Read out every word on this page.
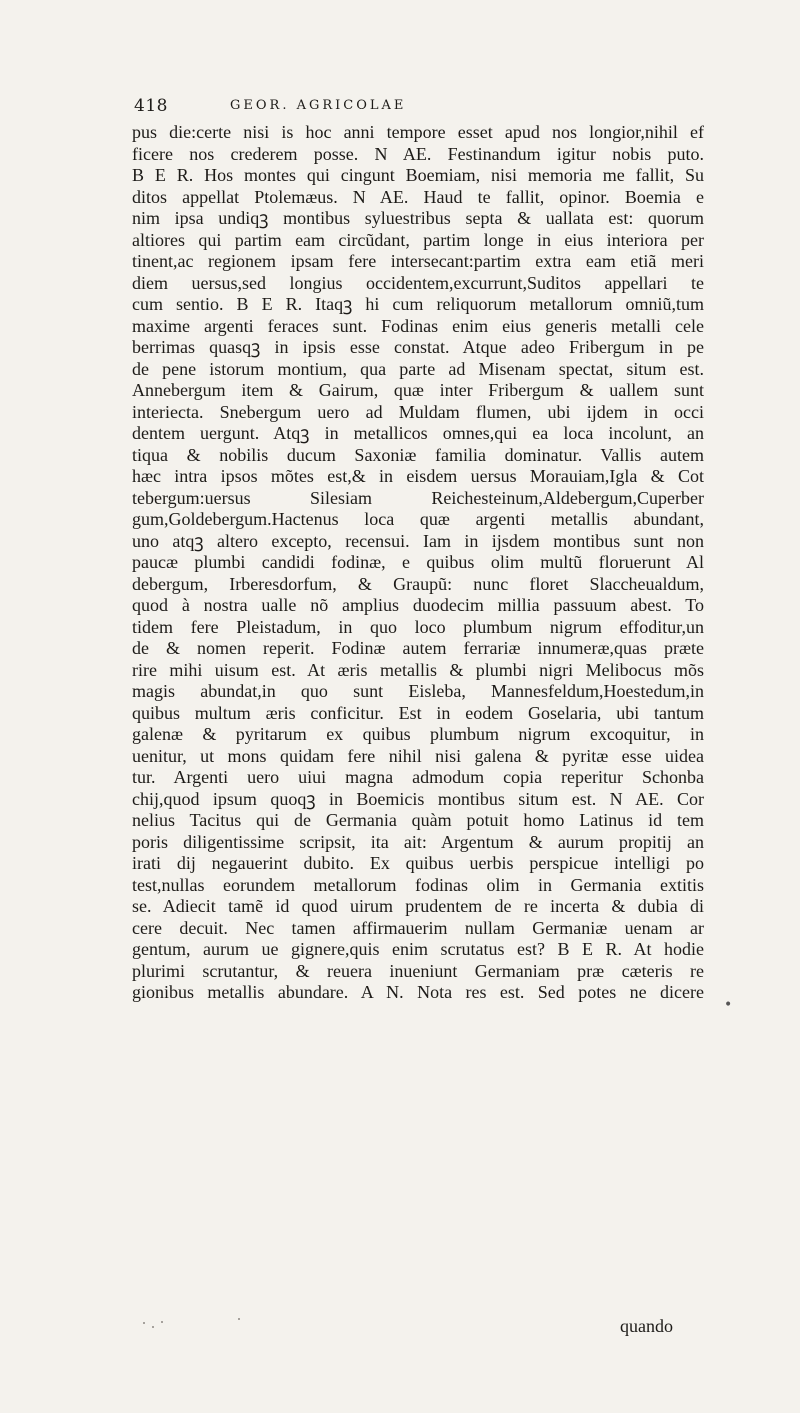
418	GEOR. AGRICOLAE
pus die:certe nisi is hoc anni tempore esset apud nos longior,nihil ef
ficere nos crederem posse. N AE. Festinandum igitur nobis puto.
B E R. Hos montes qui cingunt Boemiam, nisi memoria me fallit, Su
ditos appellat Ptolemæus. N AE. Haud te fallit, opinor. Boemia e
nim ipsa undiqꝫ montibus syluestribus septa & uallata est: quorum
altiores qui partim eam circũdant, partim longe in eius interiora per
tinent,ac regionem ipsam fere intersecant:partim extra eam etiã meri
diem uersus,sed longius occidentem,excurrunt,Suditos appellari te
cum sentio. B E R. Itaqꝫ hi cum reliquorum metallorum omniũ,tum
maxime argenti feraces sunt. Fodinas enim eius generis metalli cele
berrimas quasqꝫ in ipsis esse constat. Atque adeo Fribergum in pe
de pene istorum montium, qua parte ad Misenam spectat, situm est.
Annebergum item & Gairum, quæ inter Fribergum & uallem sunt
interiecta. Snebergum uero ad Muldam flumen, ubi ijdem in occi
dentem uergunt. Atqꝫ in metallicos omnes,qui ea loca incolunt, an
tiqua & nobilis ducum Saxoniæ familia dominatur. Vallis autem
hæc intra ipsos mõtes est,& in eisdem uersus Morauiam,Igla & Cot
tebergum:uersus Silesiam Reichesteinum,Aldebergum,Cuperber
gum,Goldebergum.Hactenus loca quæ argenti metallis abundant,
uno atqꝫ altero excepto, recensui. Iam in ijsdem montibus sunt non
paucæ plumbi candidi fodinæ, e quibus olim multũ floruerunt Al
debergum, Irberesdorfum, & Graupũ: nunc floret Slaccheualdum,
quod à nostra ualle nõ amplius duodecim millia passuum abest. To
tidem fere Pleistadum, in quo loco plumbum nigrum effoditur,un
de & nomen reperit. Fodinæ autem ferrariæ innumeræ,quas præte
rire mihi uisum est. At æris metallis & plumbi nigri Melibocus mõs
magis abundat,in quo sunt Eisleba, Mannesfeldum,Hoestedum,in
quibus multum æris conficitur. Est in eodem Goselaria, ubi tantum
galenæ & pyritarum ex quibus plumbum nigrum excoquitur, in
uenitur, ut mons quidam fere nihil nisi galena & pyritæ esse uidea
tur. Argenti uero uiui magna admodum copia reperitur Schonba
chij,quod ipsum quoqꝫ in Boemicis montibus situm est. N AE. Cor
nelius Tacitus qui de Germania quàm potuit homo Latinus id tem
poris diligentissime scripsit, ita ait: Argentum & aurum propitij an
irati dij negauerint dubito. Ex quibus uerbis perspicue intelligi po
test,nullas eorundem metallorum fodinas olim in Germania extitis
se. Adiecit tamẽ id quod uirum prudentem de re incerta & dubia di
cere decuit. Nec tamen affirmauerim nullam Germaniæ uenam ar
gentum, aurum ue gignere,quis enim scrutatus est? B E R. At hodie
plurimi scrutantur, & reuera inueniunt Germaniam præ cæteris re
gionibus metallis abundare. A N. Nota res est. Sed potes ne dicere
•
quando
